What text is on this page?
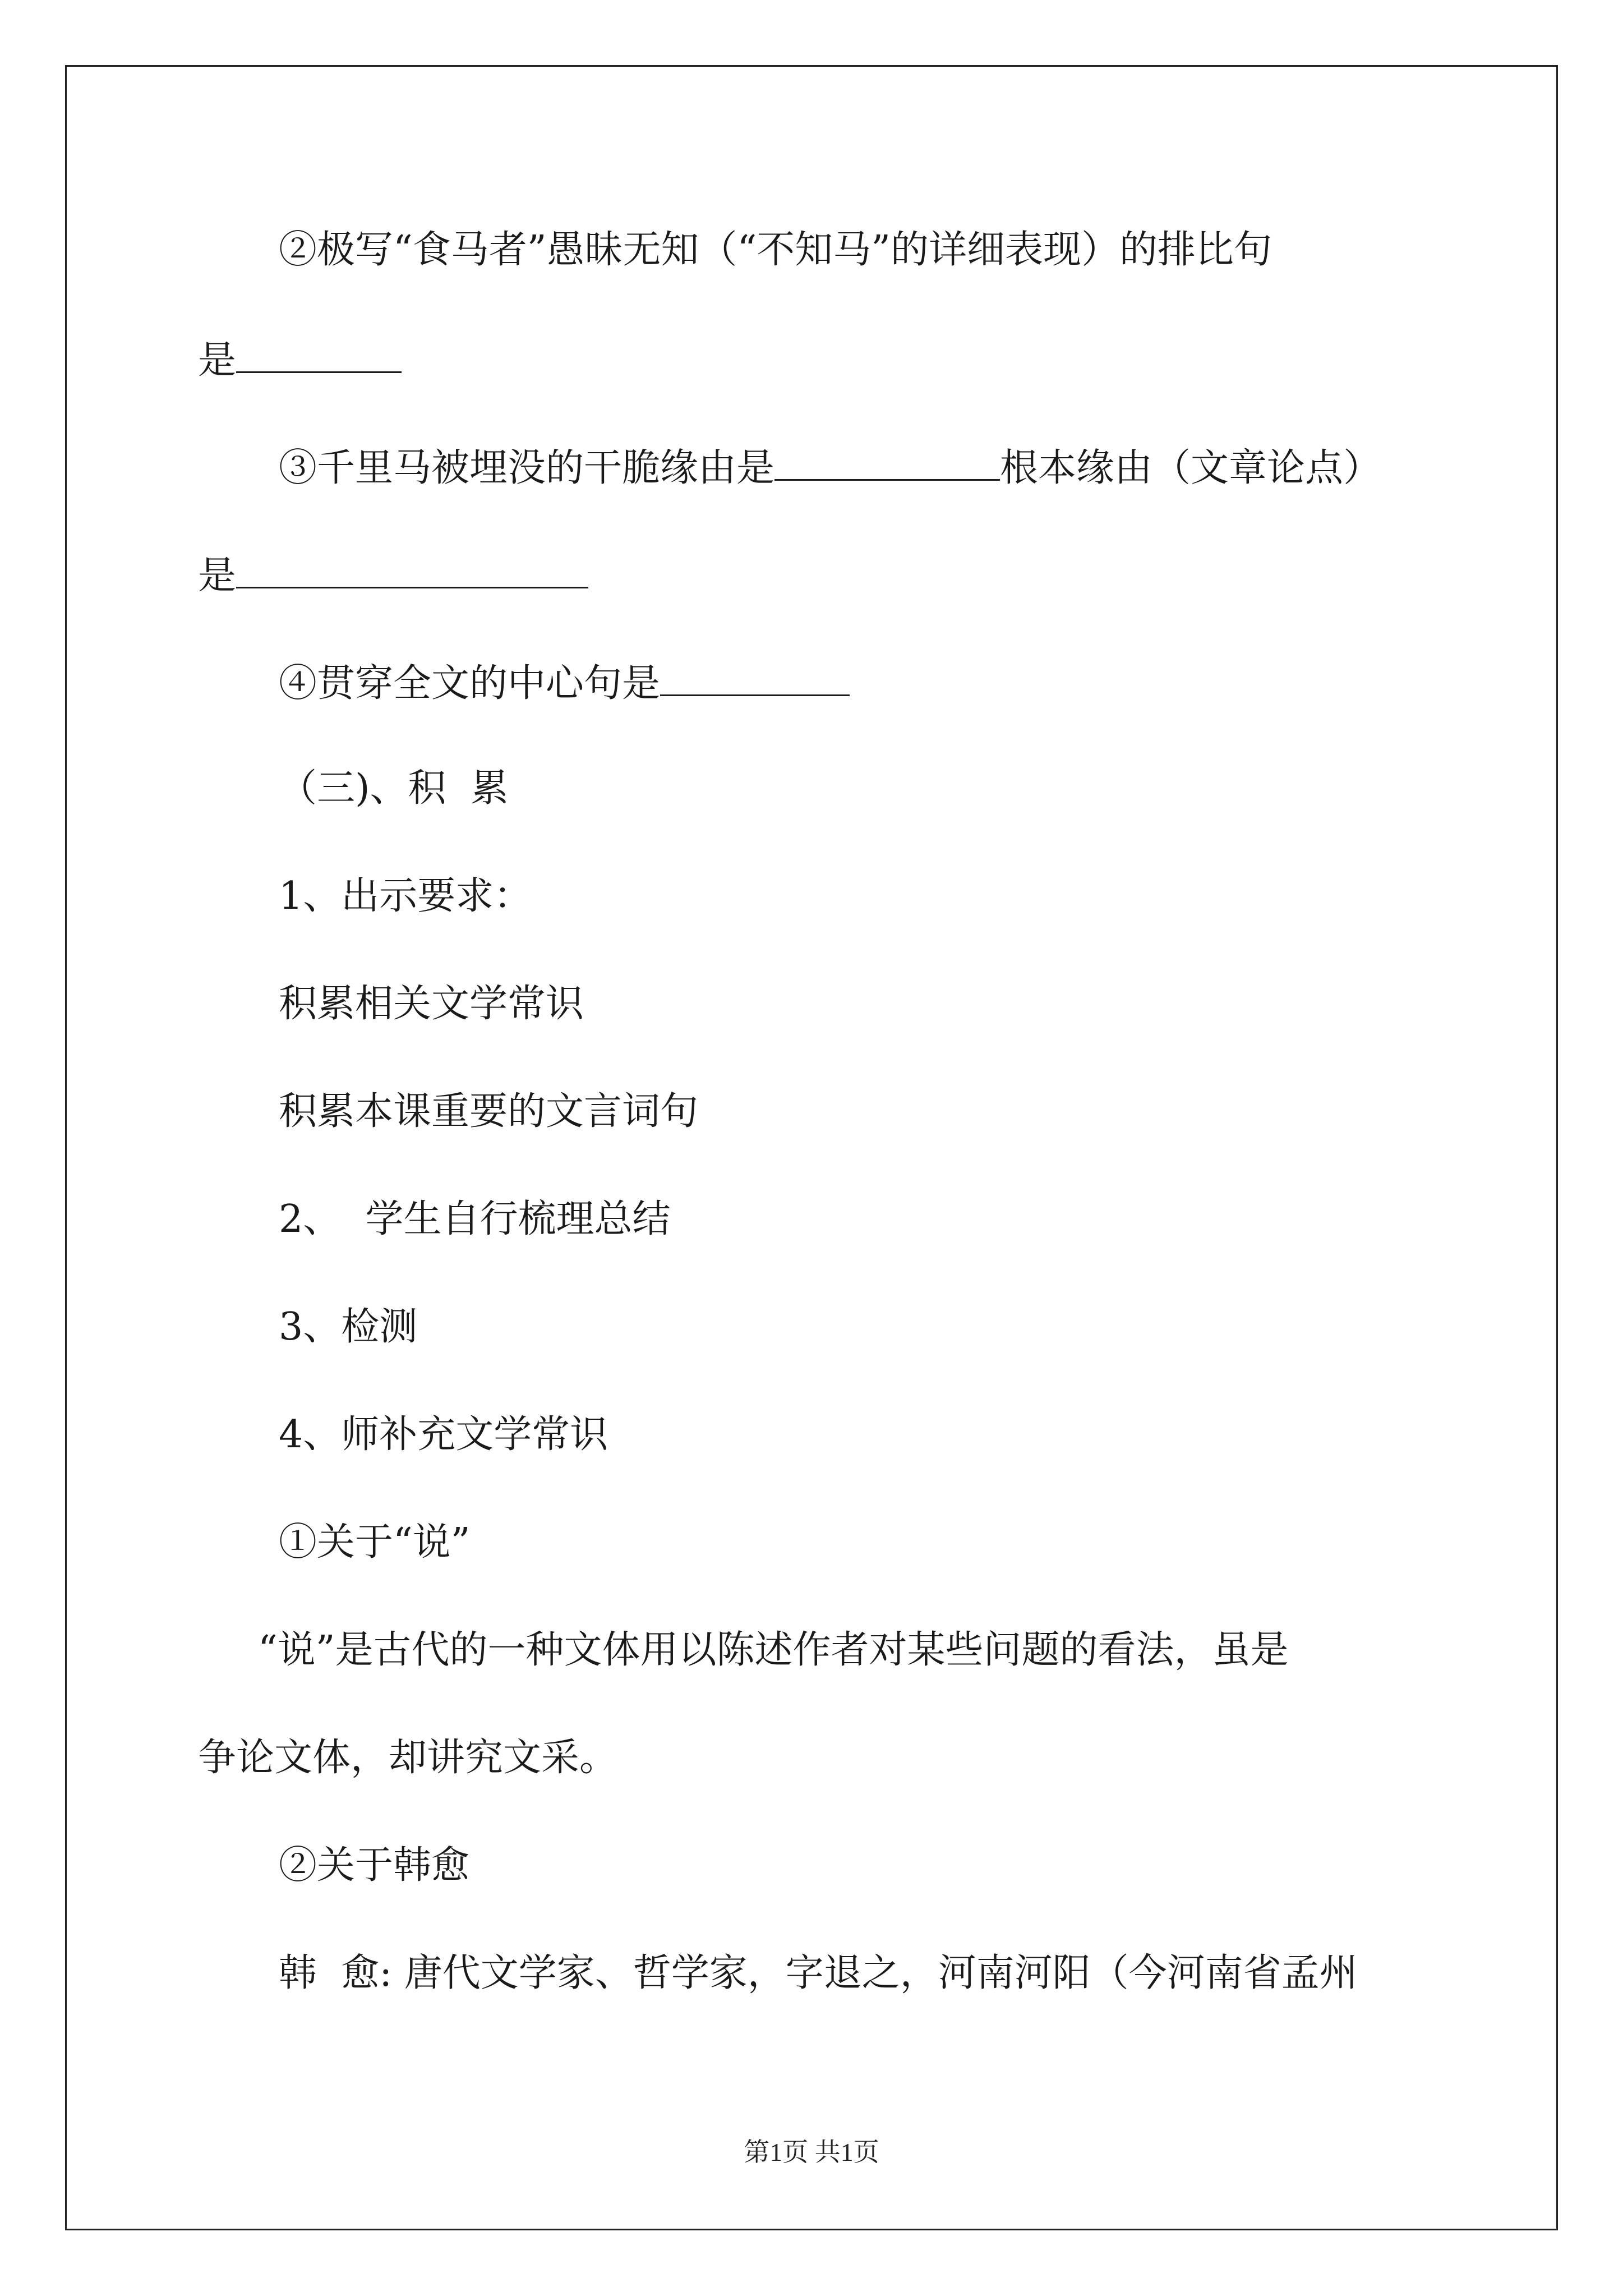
②极写“食马者”愚昧无知（“不知马”的详细表现）的排比句
是
③千里马被埋没的干脆缘由是	根本缘由（文章论点）
是
④贯穿全文的中心句是
（三)、积  累
1、出示要求：
积累相关文学常识
积累本课重要的文言词句
2、  学生自行梳理总结
3、检测
4、师补充文学常识
①关于“说”
“说”是古代的一种文体用以陈述作者对某些问题的看法，虽是
争论文体，却讲究文采。
②关于韩愈
韩  愈: 唐代文学家、哲学家，字退之，河南河阳（今河南省孟州
第1页 共1页
